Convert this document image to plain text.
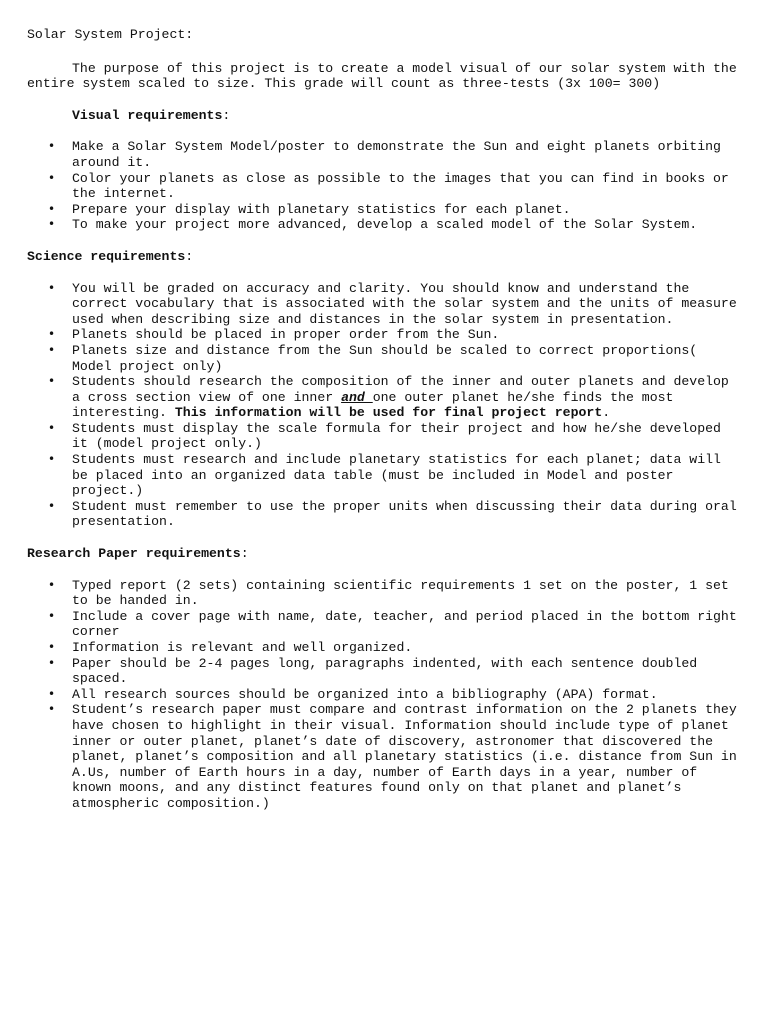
Solar System Project:
The purpose of this project is to create a model visual of our solar system with the entire system scaled to size. This grade will count as three-tests (3x 100= 300)
Visual requirements:
• Make a Solar System Model/poster to demonstrate the Sun and eight planets orbiting around it.
• Color your planets as close as possible to the images that you can find in books or the internet.
• Prepare your display with planetary statistics for each planet.
• To make your project more advanced, develop a scaled model of the Solar System.
Science requirements:
• You will be graded on accuracy and clarity. You should know and understand the correct vocabulary that is associated with the solar system and the units of measure used when describing size and distances in the solar system in presentation.
• Planets should be placed in proper order from the Sun.
• Planets size and distance from the Sun should be scaled to correct proportions( Model project only)
• Students should research the composition of the inner and outer planets and develop a cross section view of one inner and one outer planet he/she finds the most interesting. This information will be used for final project report.
• Students must display the scale formula for their project and how he/she developed it (model project only.)
• Students must research and include planetary statistics for each planet; data will be placed into an organized data table (must be included in Model and poster project.)
• Student must remember to use the proper units when discussing their data during oral presentation.
Research Paper requirements:
• Typed report (2 sets) containing scientific requirements 1 set on the poster, 1 set to be handed in.
• Include a cover page with name, date, teacher, and period placed in the bottom right corner
• Information is relevant and well organized.
• Paper should be 2-4 pages long, paragraphs indented, with each sentence doubled spaced.
• All research sources should be organized into a bibliography (APA) format.
• Student’s research paper must compare and contrast information on the 2 planets they have chosen to highlight in their visual. Information should include type of planet inner or outer planet, planet’s date of discovery, astronomer that discovered the planet, planet’s composition and all planetary statistics (i.e. distance from Sun in A.Us, number of Earth hours in a day, number of Earth days in a year, number of known moons, and any distinct features found only on that planet and planet’s atmospheric composition.)
